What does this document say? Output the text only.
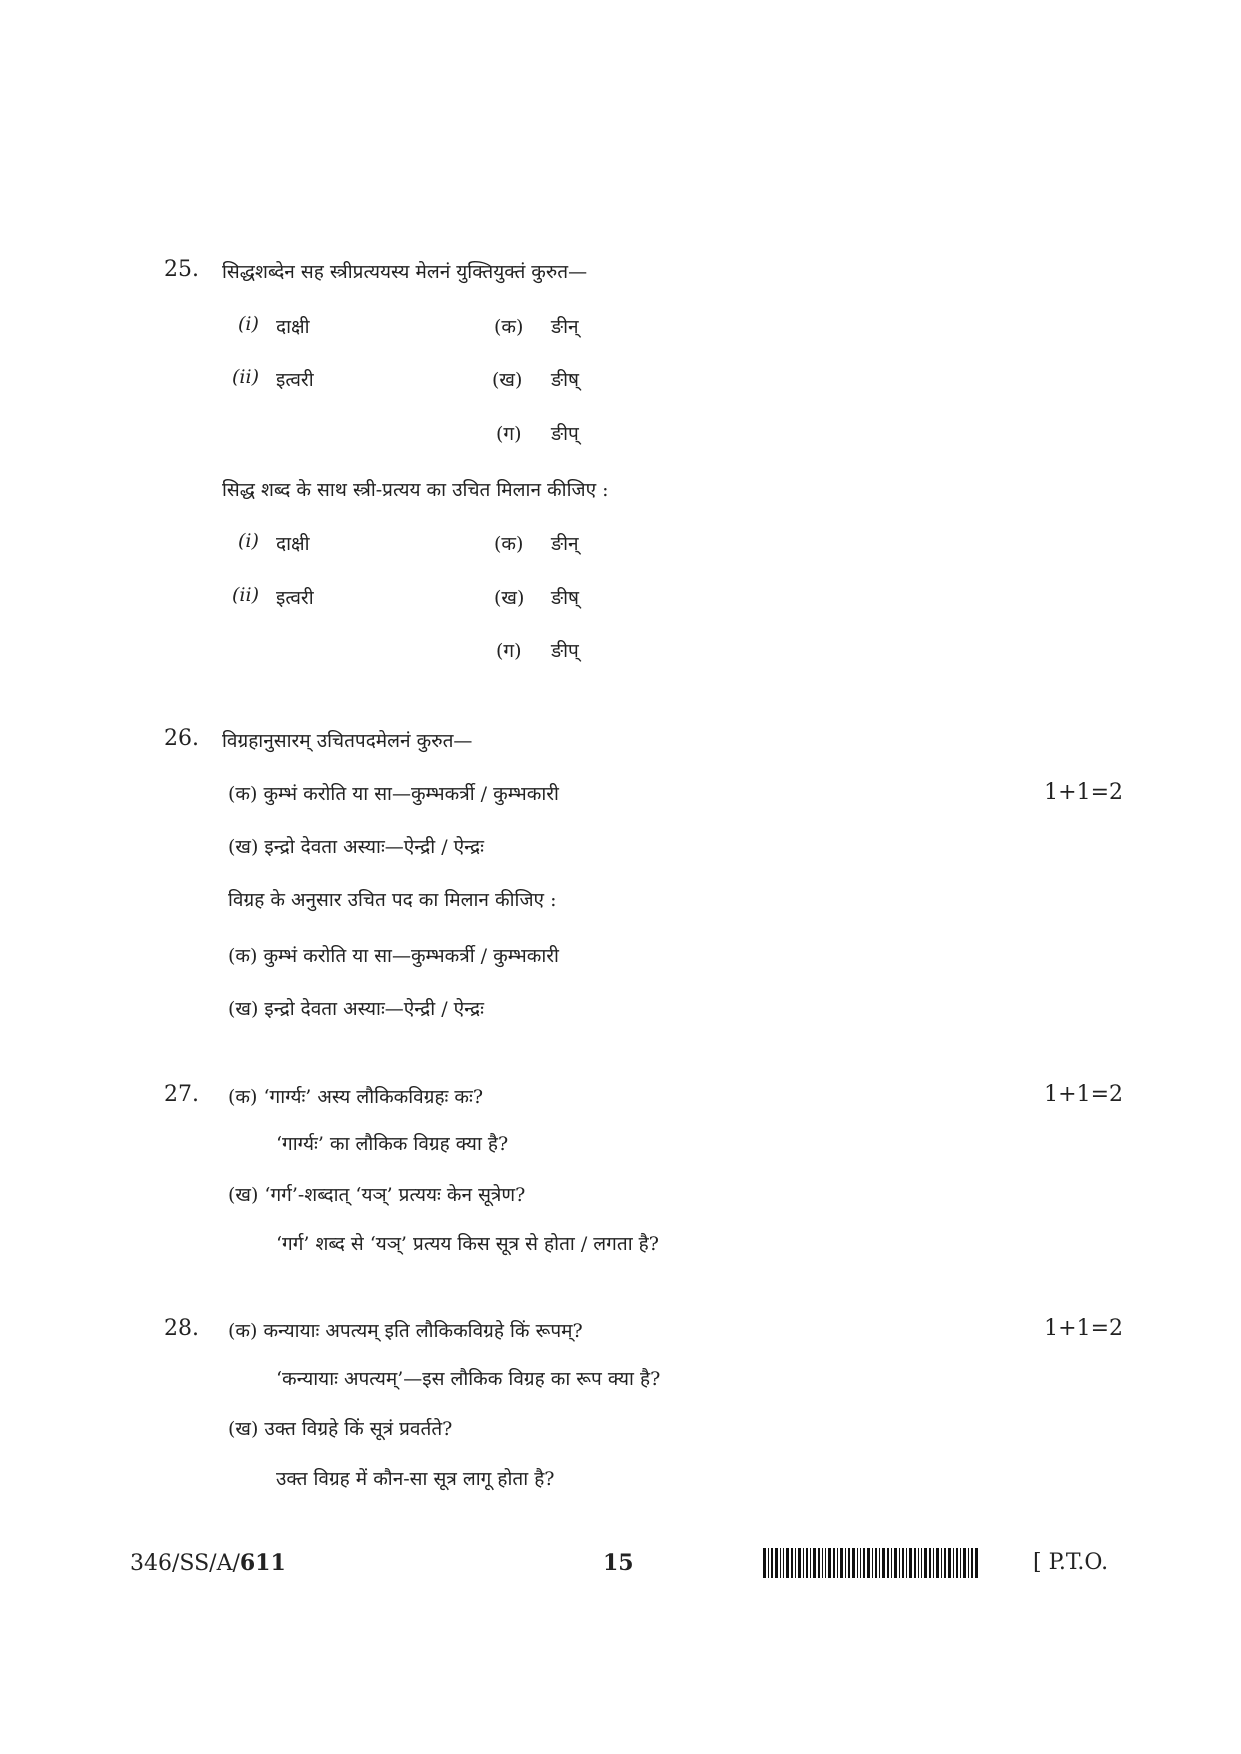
25. सिद्धशब्देन सह स्त्रीप्रत्ययस्य मेलनं युक्तियुक्तं कुरुत—
(i) दाक्षी	(क) ङीन्
(ii) इत्वरी	(ख) ङीष्
(ग) ङीप्
सिद्ध शब्द के साथ स्त्री-प्रत्यय का उचित मिलान कीजिए :
(i) दाक्षी	(क) ङीन्
(ii) इत्वरी	(ख) ङीष्
(ग) ङीप्
26. विग्रहानुसारम् उचितपदमेलनं कुरुत—
1+1=2
(क) कुम्भं करोति या सा—कुम्भकर्त्री / कुम्भकारी
(ख) इन्द्रो देवता अस्याः—ऐन्द्री / ऐन्द्रः
विग्रह के अनुसार उचित पद का मिलान कीजिए :
(क) कुम्भं करोति या सा—कुम्भकर्त्री / कुम्भकारी
(ख) इन्द्रो देवता अस्याः—ऐन्द्री / ऐन्द्रः
27.	1+1=2
(क) ‘गार्ग्यः’ अस्य लौकिकविग्रहः कः?
‘गार्ग्यः’ का लौकिक विग्रह क्या है?
(ख) ‘गर्ग’-शब्दात् ‘यञ्’ प्रत्ययः केन सूत्रेण?
‘गर्ग’ शब्द से ‘यञ्’ प्रत्यय किस सूत्र से होता / लगता है?
28.	1+1=2
(क) कन्यायाः अपत्यम् इति लौकिकविग्रहे किं रूपम्?
‘कन्यायाः अपत्यम्’—इस लौकिक विग्रह का रूप क्या है?
(ख) उक्त विग्रहे किं सूत्रं प्रवर्तते?
उक्त विग्रह में कौन-सा सूत्र लागू होता है?
346/SS/A/611	15	[ P.T.O.
